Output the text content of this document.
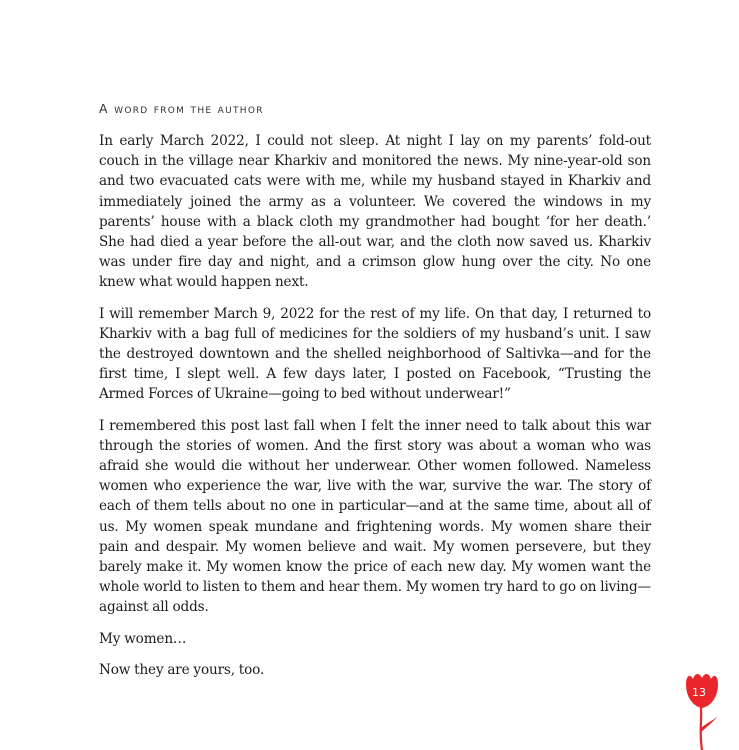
A word from the author

In early March 2022, I could not sleep. At night I lay on my parents’ fold-out couch in the village near Kharkiv and monitored the news. My nine-year-old son and two evacuated cats were with me, while my husband stayed in Kharkiv and immediately joined the army as a volunteer. We covered the windows in my parents’ house with a black cloth my grandmother had bought ‘for her death.’ She had died a year before the all-out war, and the cloth now saved us. Kharkiv was under fire day and night, and a crimson glow hung over the city. No one knew what would happen next.

I will remember March 9, 2022 for the rest of my life. On that day, I returned to Kharkiv with a bag full of medicines for the soldiers of my husband’s unit. I saw the destroyed downtown and the shelled neighborhood of Saltivka—and for the first time, I slept well. A few days later, I posted on Facebook, “Trusting the Armed Forces of Ukraine—going to bed without underwear!”

I remembered this post last fall when I felt the inner need to talk about this war through the stories of women. And the first story was about a woman who was afraid she would die without her underwear. Other women followed. Nameless women who experience the war, live with the war, survive the war. The story of each of them tells about no one in particular—and at the same time, about all of us. My women speak mundane and frightening words. My women share their pain and despair. My women believe and wait. My women persevere, but they barely make it. My women know the price of each new day. My women want the whole world to listen to them and hear them. My women try hard to go on living—against all odds.

My women…

Now they are yours, too.

13
